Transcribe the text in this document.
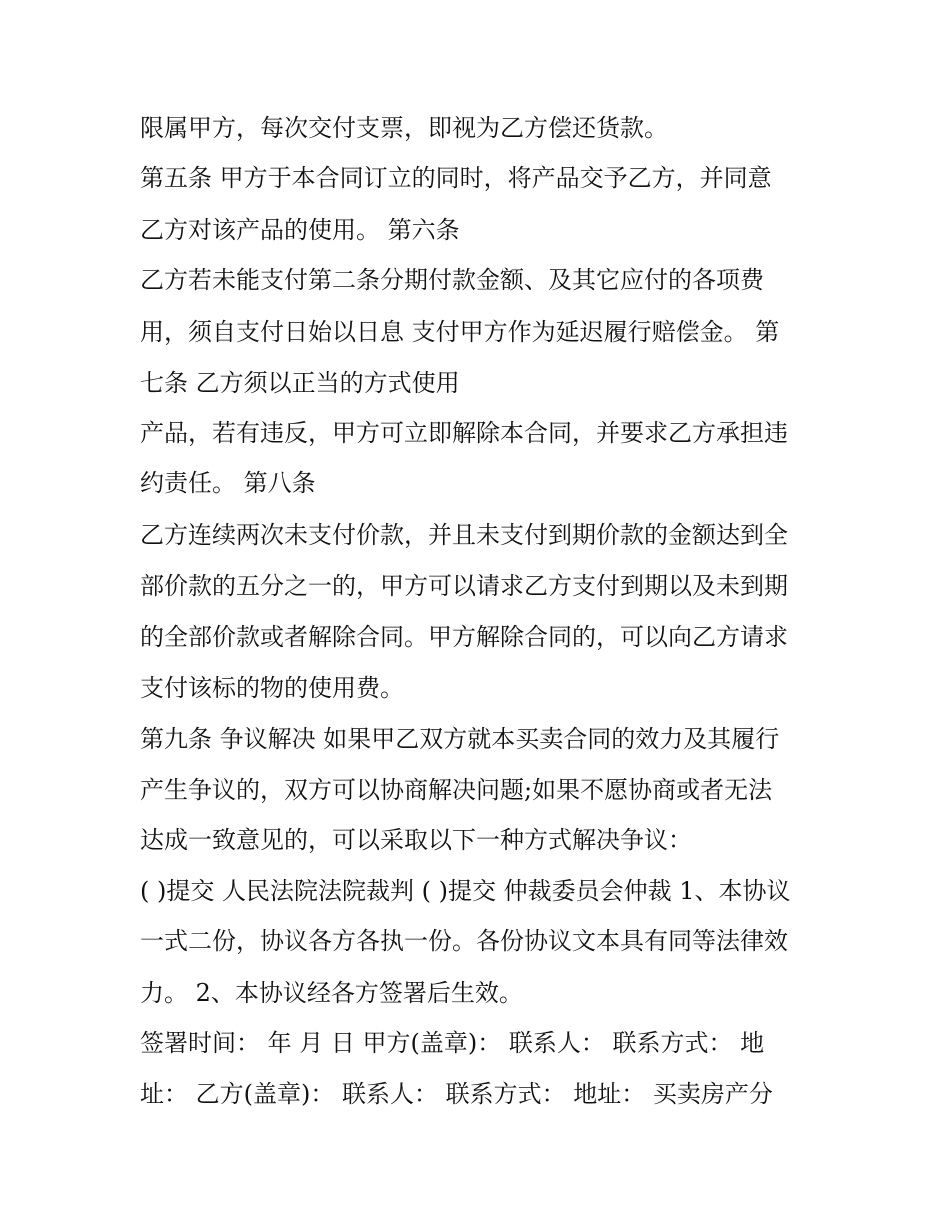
限属甲方，每次交付支票，即视为乙方偿还货款。
第五条 甲方于本合同订立的同时，将产品交予乙方，并同意
乙方对该产品的使用。 第六条
乙方若未能支付第二条分期付款金额、及其它应付的各项费
用，须自支付日始以日息 支付甲方作为延迟履行赔偿金。 第
七条 乙方须以正当的方式使用
产品，若有违反，甲方可立即解除本合同，并要求乙方承担违
约责任。 第八条
乙方连续两次未支付价款，并且未支付到期价款的金额达到全
部价款的五分之一的，甲方可以请求乙方支付到期以及未到期
的全部价款或者解除合同。甲方解除合同的，可以向乙方请求
支付该标的物的使用费。
第九条 争议解决 如果甲乙双方就本买卖合同的效力及其履行
产生争议的，双方可以协商解决问题;如果不愿协商或者无法
达成一致意见的，可以采取以下一种方式解决争议：
( )提交 人民法院法院裁判 ( )提交 仲裁委员会仲裁 1、本协议
一式二份，协议各方各执一份。各份协议文本具有同等法律效
力。 2、本协议经各方签署后生效。
签署时间： 年 月 日 甲方(盖章)： 联系人： 联系方式： 地
址： 乙方(盖章)： 联系人： 联系方式： 地址： 买卖房产分
